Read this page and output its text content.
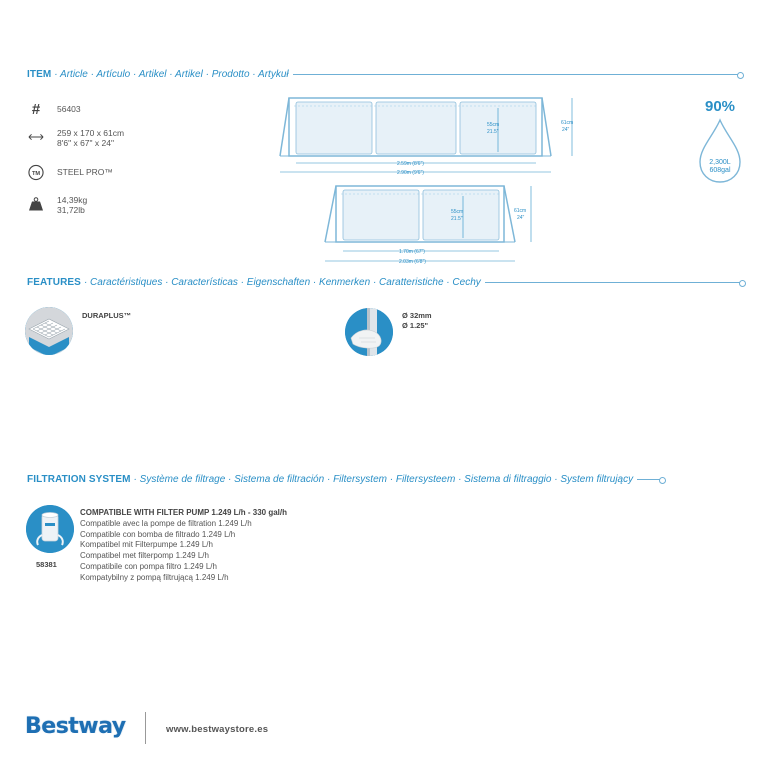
ITEM · Article · Artículo · Artikel · Artikel · Prodotto · Artykuł
#	56403
259 x 170 x 61cm
8'6" x 67" x 24"
TM STEEL PRO™
14,39kg
31,72lb
55cm
21.5"
61cm
24"
2.59m (8'6")
2.90m (9'6")
55cm
21.5"
61cm
24"
1.70m (67")
2.03m (6'8")
90%
2,300L
608gal
FEATURES · Caractéristiques · Características · Eigenschaften · Kenmerken · Caratteristiche · Cechy
DURAPLUS™	Ø 32mm
Ø 1.25"
FILTRATION SYSTEM · Système de filtrage · Sistema de filtración · Filtersystem · Filtersysteem · Sistema di filtraggio · System filtrujący
58381
COMPATIBLE WITH FILTER PUMP 1.249 L/h - 330 gal/h
Compatible avec la pompe de filtration 1.249 L/h
Compatible con bomba de filtrado 1.249 L/h
Kompatibel mit Filterpumpe 1.249 L/h
Compatibel met filterpomp 1.249 L/h
Compatibile con pompa filtro 1.249 L/h
Kompatybilny z pompą filtrującą 1.249 L/h
Bestway	www.bestwaystore.es
